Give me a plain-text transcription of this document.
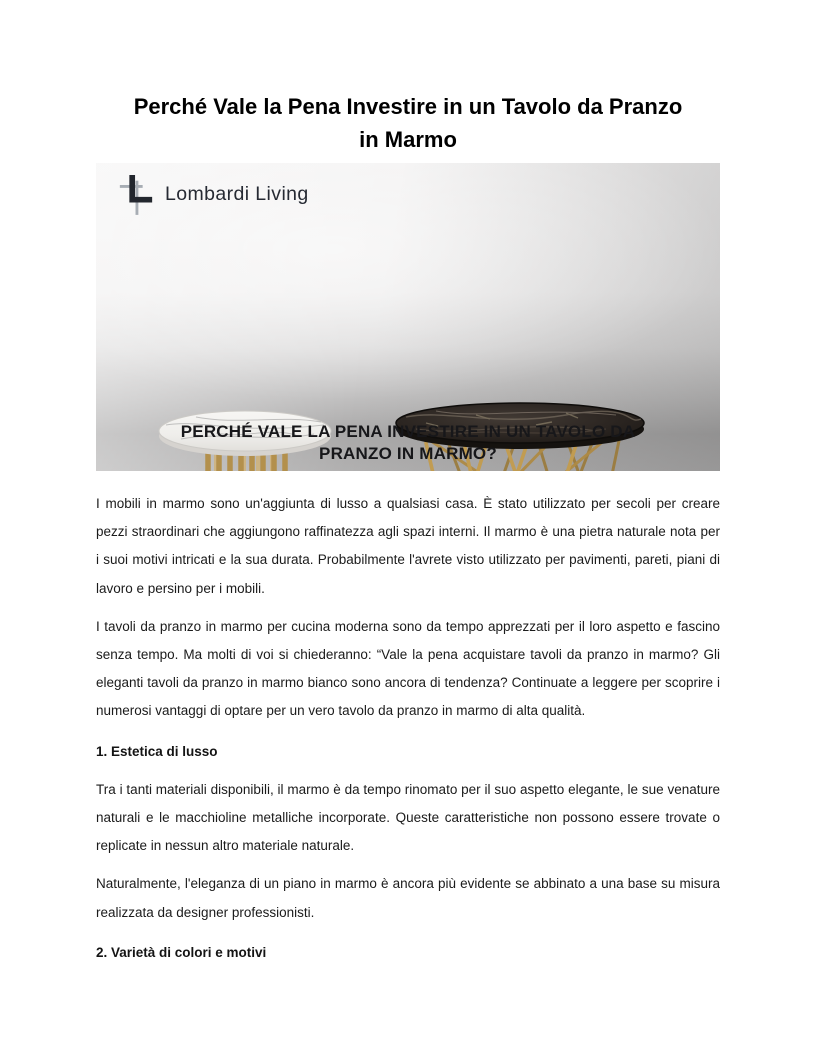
Perché Vale la Pena Investire in un Tavolo da Pranzo
in Marmo
Lombardi Living
PERCHÉ VALE LA PENA INVESTIRE IN UN TAVOLO DA
PRANZO IN MARMO?

I mobili in marmo sono un'aggiunta di lusso a qualsiasi casa. È stato utilizzato per secoli per creare pezzi straordinari che aggiungono raffinatezza agli spazi interni. Il marmo è una pietra naturale nota per i suoi motivi intricati e la sua durata. Probabilmente l'avrete visto utilizzato per pavimenti, pareti, piani di lavoro e persino per i mobili.

I tavoli da pranzo in marmo per cucina moderna sono da tempo apprezzati per il loro aspetto e fascino senza tempo. Ma molti di voi si chiederanno: “Vale la pena acquistare tavoli da pranzo in marmo? Gli eleganti tavoli da pranzo in marmo bianco sono ancora di tendenza? Continuate a leggere per scoprire i numerosi vantaggi di optare per un vero tavolo da pranzo in marmo di alta qualità.

1. Estetica di lusso

Tra i tanti materiali disponibili, il marmo è da tempo rinomato per il suo aspetto elegante, le sue venature naturali e le macchioline metalliche incorporate. Queste caratteristiche non possono essere trovate o replicate in nessun altro materiale naturale.

Naturalmente, l'eleganza di un piano in marmo è ancora più evidente se abbinato a una base su misura realizzata da designer professionisti.

2. Varietà di colori e motivi
